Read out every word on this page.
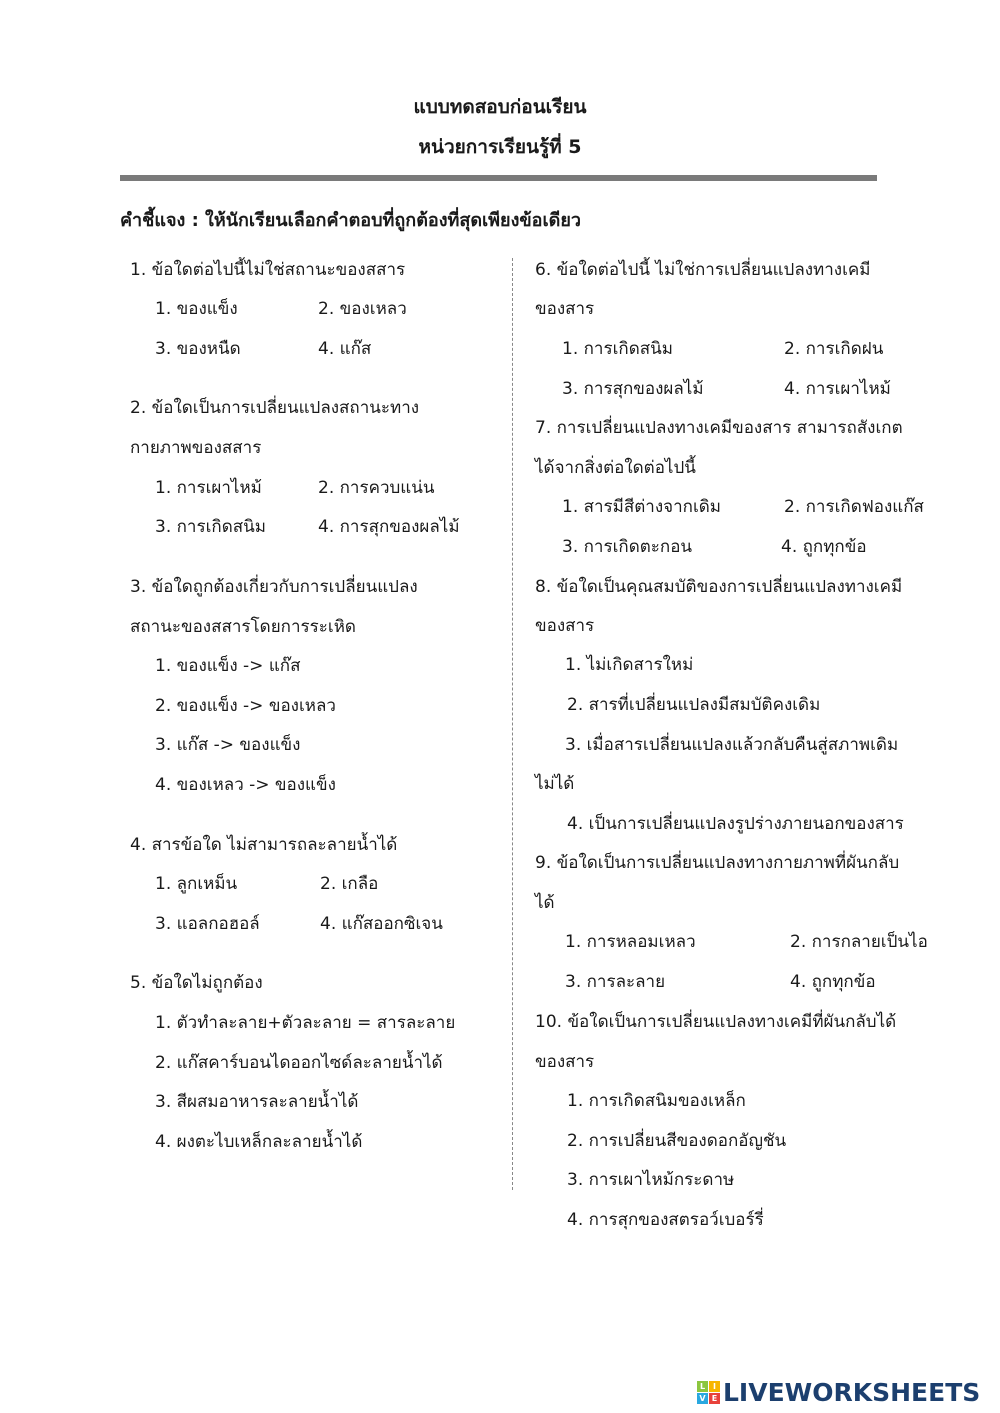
แบบทดสอบก่อนเรียน
หน่วยการเรียนรู้ที่ 5
คำชี้แจง : ให้นักเรียนเลือกคำตอบที่ถูกต้องที่สุดเพียงข้อเดียว
1. ข้อใดต่อไปนี้ไม่ใช่สถานะของสสาร
1. ของแข็ง	2. ของเหลว
3. ของหนืด	4. แก๊ส
2. ข้อใดเป็นการเปลี่ยนแปลงสถานะทาง
กายภาพของสสาร
1. การเผาไหม้	2. การควบแน่น
3. การเกิดสนิม	4. การสุกของผลไม้
3. ข้อใดถูกต้องเกี่ยวกับการเปลี่ยนแปลง
สถานะของสสารโดยการระเหิด
1. ของแข็ง -> แก๊ส
2. ของแข็ง -> ของเหลว
3. แก๊ส -> ของแข็ง
4. ของเหลว -> ของแข็ง
4. สารข้อใด ไม่สามารถละลายน้ำได้
1. ลูกเหม็น	2. เกลือ
3. แอลกอฮอล์	4. แก๊สออกซิเจน
5. ข้อใดไม่ถูกต้อง
1. ตัวทำละลาย+ตัวละลาย = สารละลาย
2. แก๊สคาร์บอนไดออกไซด์ละลายน้ำได้
3. สีผสมอาหารละลายน้ำได้
4. ผงตะไบเหล็กละลายน้ำได้
6. ข้อใดต่อไปนี้ ไม่ใช่การเปลี่ยนแปลงทางเคมี
ของสาร
1. การเกิดสนิม	2. การเกิดฝน
3. การสุกของผลไม้	4. การเผาไหม้
7. การเปลี่ยนแปลงทางเคมีของสาร สามารถสังเกต
ได้จากสิ่งต่อใดต่อไปนี้
1. สารมีสีต่างจากเดิม	2. การเกิดฟองแก๊ส
3. การเกิดตะกอน	4. ถูกทุกข้อ
8. ข้อใดเป็นคุณสมบัติของการเปลี่ยนแปลงทางเคมี
ของสาร
1. ไม่เกิดสารใหม่
2. สารที่เปลี่ยนแปลงมีสมบัติคงเดิม
3. เมื่อสารเปลี่ยนแปลงแล้วกลับคืนสู่สภาพเดิม
ไม่ได้
4. เป็นการเปลี่ยนแปลงรูปร่างภายนอกของสาร
9. ข้อใดเป็นการเปลี่ยนแปลงทางกายภาพที่ผันกลับ
ได้
1. การหลอมเหลว	2. การกลายเป็นไอ
3. การละลาย	4. ถูกทุกข้อ
10. ข้อใดเป็นการเปลี่ยนแปลงทางเคมีที่ผันกลับได้
ของสาร
1. การเกิดสนิมของเหล็ก
2. การเปลี่ยนสีของดอกอัญชัน
3. การเผาไหม้กระดาษ
4. การสุกของสตรอว์เบอร์รี่
L I
V E LIVEWORKSHEETS
